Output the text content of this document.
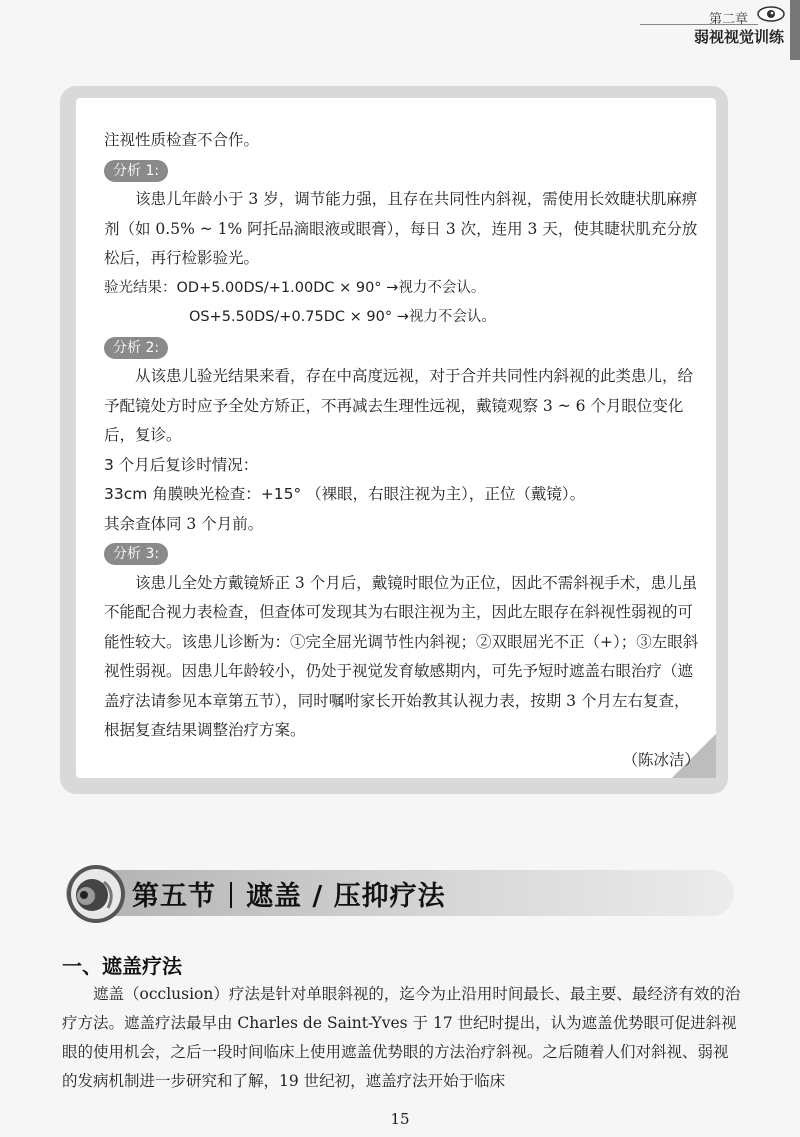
第二章
弱视视觉训练

注视性质检查不合作。

分析 1:

该患儿年龄小于 3 岁，调节能力强，且存在共同性内斜视，需使用长效睫状肌麻痹剂（如 0.5% ~ 1% 阿托品滴眼液或眼膏），每日 3 次，连用 3 天，使其睫状肌充分放松后，再行检影验光。

验光结果：OD+5.00DS/+1.00DC × 90° →视力不会认。

OS+5.50DS/+0.75DC × 90° →视力不会认。

分析 2:

从该患儿验光结果来看，存在中高度远视，对于合并共同性内斜视的此类患儿，给予配镜处方时应予全处方矫正，不再减去生理性远视，戴镜观察 3 ~ 6 个月眼位变化后，复诊。

3 个月后复诊时情况：

33cm 角膜映光检查：+15° （裸眼，右眼注视为主），正位（戴镜）。

其余查体同 3 个月前。

分析 3:

该患儿全处方戴镜矫正 3 个月后，戴镜时眼位为正位，因此不需斜视手术，患儿虽不能配合视力表检查，但查体可发现其为右眼注视为主，因此左眼存在斜视性弱视的可能性较大。该患儿诊断为：①完全屈光调节性内斜视；②双眼屈光不正（+）；③左眼斜视性弱视。因患儿年龄较小，仍处于视觉发育敏感期内，可先予短时遮盖右眼治疗（遮盖疗法请参见本章第五节），同时嘱咐家长开始教其认视力表，按期 3 个月左右复查，根据复查结果调整治疗方案。

（陈冰洁）

第五节 遮盖 / 压抑疗法
一、遮盖疗法

遮盖（occlusion）疗法是针对单眼斜视的，迄今为止沿用时间最长、最主要、最经济有效的治疗方法。遮盖疗法最早由 Charles de Saint-Yves 于 17 世纪时提出，认为遮盖优势眼可促进斜视眼的使用机会，之后一段时间临床上使用遮盖优势眼的方法治疗斜视。之后随着人们对斜视、弱视的发病机制进一步研究和了解，19 世纪初，遮盖疗法开始于临床

15
